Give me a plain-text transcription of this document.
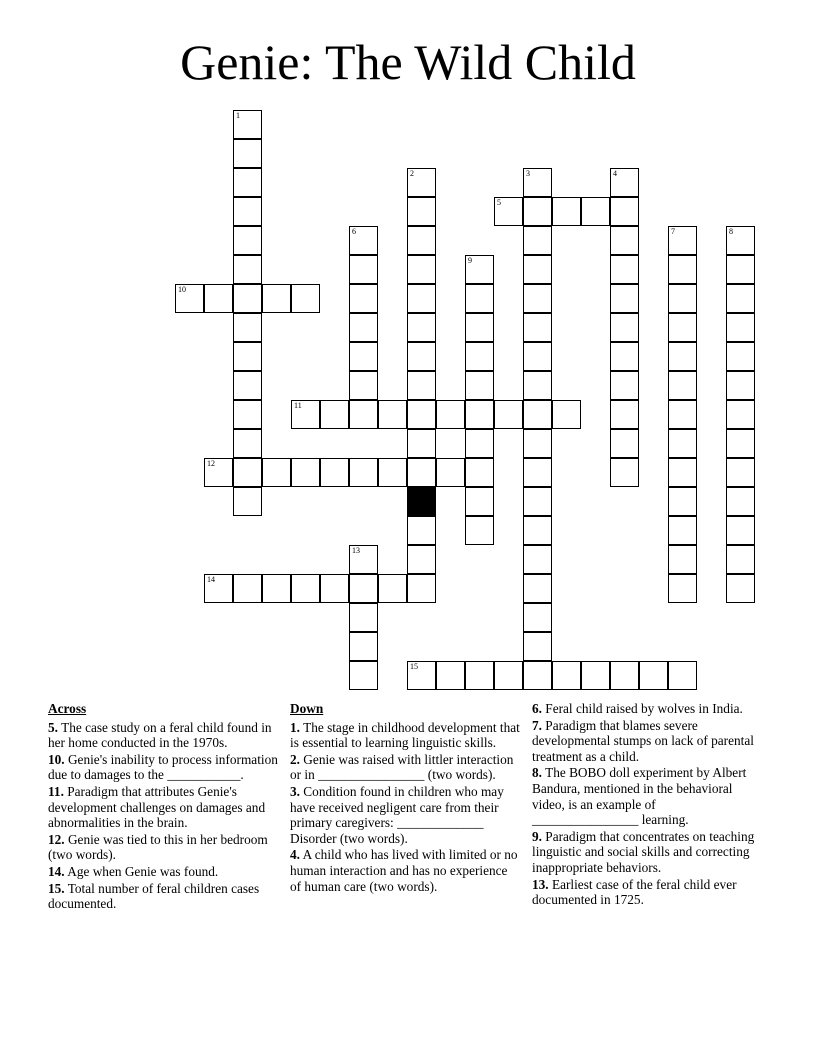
Genie: The Wild Child
1
2	3	4
5
6	7	8
9
10
11
12
13
14
15
Across
5. The case study on a feral child found in her home conducted in the 1970s.
10. Genie's inability to process information due to damages to the ___________.
11. Paradigm that attributes Genie's development challenges on damages and abnormalities in the brain.
12. Genie was tied to this in her bedroom (two words).
14. Age when Genie was found.
15. Total number of feral children cases documented.
Down
1. The stage in childhood development that is essential to learning linguistic skills.
2. Genie was raised with littler interaction or in ________________ (two words).
3. Condition found in children who may have received negligent care from their primary caregivers: _____________ Disorder (two words).
4. A child who has lived with limited or no human interaction and has no experience of human care (two words).
6. Feral child raised by wolves in India.
7. Paradigm that blames severe developmental stumps on lack of parental treatment as a child.
8. The BOBO doll experiment by Albert Bandura, mentioned in the behavioral video, is an example of ________________ learning.
9. Paradigm that concentrates on teaching linguistic and social skills and correcting inappropriate behaviors.
13. Earliest case of the feral child ever documented in 1725.
